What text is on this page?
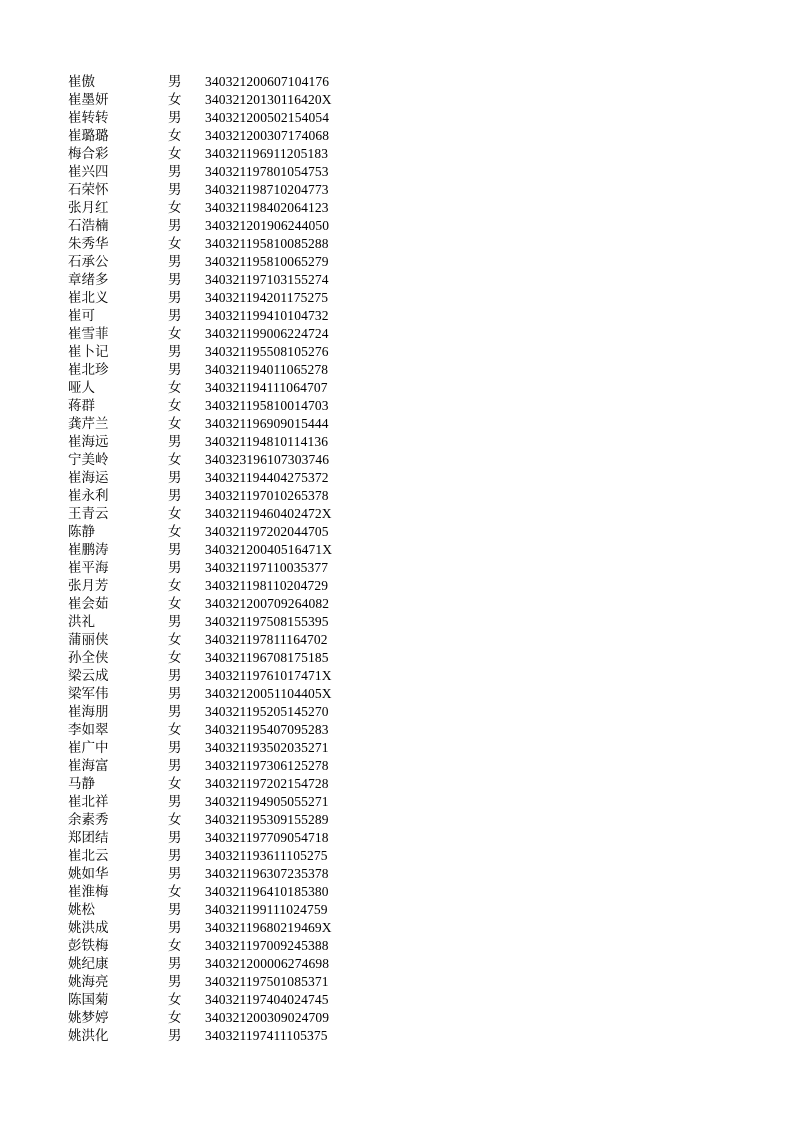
崔傲	男 340321200607104176
崔墨妍	女 34032120130116420X
崔转转	男 340321200502154054
崔璐璐	女 340321200307174068
梅合彩	女 340321196911205183
崔兴四	男 340321197801054753
石荣怀	男 340321198710204773
张月红	女 340321198402064123
石浩楠	男 340321201906244050
朱秀华	女 340321195810085288
石承公	男 340321195810065279
章绪多	男 340321197103155274
崔北义	男 340321194201175275
崔可	男 340321199410104732
崔雪菲	女 340321199006224724
崔卜记	男 340321195508105276
崔北珍	男 340321194011065278
哑人	女 340321194111064707
蒋群	女 340321195810014703
龚芹兰	女 340321196909015444
崔海远	男 340321194810114136
宁美岭	女 340323196107303746
崔海运	男 340321194404275372
崔永利	男 340321197010265378
王青云	女 34032119460402472X
陈静	女 340321197202044705
崔鹏涛	男 34032120040516471X
崔平海	男 340321197110035377
张月芳	女 340321198110204729
崔会茹	女 340321200709264082
洪礼	男 340321197508155395
蒲丽侠	女 340321197811164702
孙全侠	女 340321196708175185
梁云成	男 34032119761017471X
梁军伟	男 34032120051104405X
崔海朋	男 340321195205145270
李如翠	女 340321195407095283
崔广中	男 340321193502035271
崔海富	男 340321197306125278
马静	女 340321197202154728
崔北祥	男 340321194905055271
余素秀	女 340321195309155289
郑团结	男 340321197709054718
崔北云	男 340321193611105275
姚如华	男 340321196307235378
崔淮梅	女 340321196410185380
姚松	男 340321199111024759
姚洪成	男 34032119680219469X
彭铁梅	女 340321197009245388
姚纪康	男 340321200006274698
姚海亮	男 340321197501085371
陈国菊	女 340321197404024745
姚梦婷	女 340321200309024709
姚洪化	男 340321197411105375
